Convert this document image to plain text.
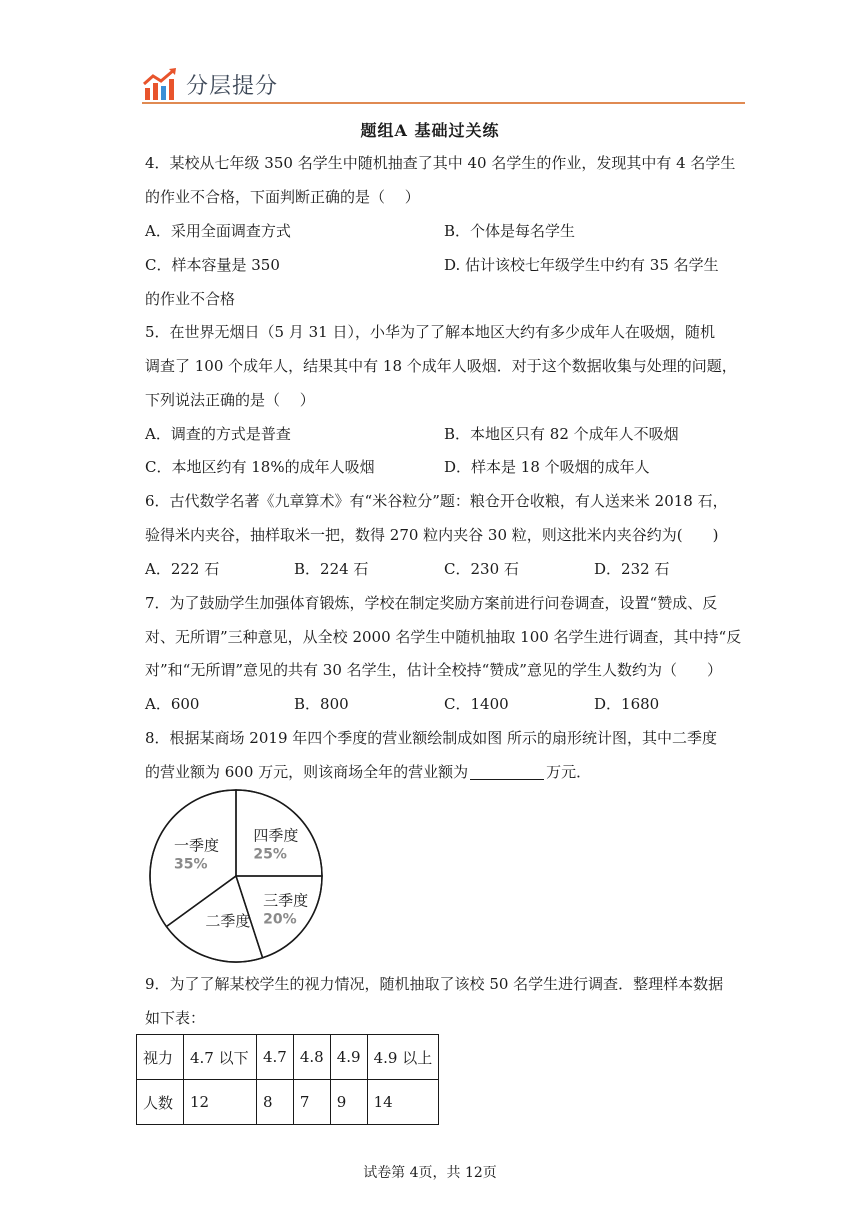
分层提分
题组A 基础过关练
4．某校从七年级 350 名学生中随机抽查了其中 40 名学生的作业，发现其中有 4 名学生
的作业不合格，下面判断正确的是（　 ）
A．采用全面调查方式	B．个体是每名学生
C．样本容量是 350	D. 估计该校七年级学生中约有 35 名学生
的作业不合格
5．在世界无烟日（5 月 31 日），小华为了了解本地区大约有多少成年人在吸烟，随机
调查了 100 个成年人，结果其中有 18 个成年人吸烟．对于这个数据收集与处理的问题，
下列说法正确的是（　 ）
A．调查的方式是普查	B．本地区只有 82 个成年人不吸烟
C．本地区约有 18%的成年人吸烟	D．样本是 18 个吸烟的成年人
6．古代数学名著《九章算术》有“米谷粒分”题：粮仓开仓收粮，有人送来米 2018 石，
验得米内夹谷，抽样取米一把，数得 270 粒内夹谷 30 粒，则这批米内夹谷约为(　　)
A．222 石	B．224 石	C．230 石	D．232 石
7．为了鼓励学生加强体育锻炼，学校在制定奖励方案前进行问卷调查，设置“赞成、反
对、无所谓”三种意见，从全校 2000 名学生中随机抽取 100 名学生进行调查，其中持“反
对”和“无所谓”意见的共有 30 名学生，估计全校持“赞成”意见的学生人数约为（　　）
A．600	B．800	C．1400	D．1680
8．根据某商场 2019 年四个季度的营业额绘制成如图 所示的扇形统计图，其中二季度
的营业额为 600 万元，则该商场全年的营业额为	万元．
四季度
25%
三季度
20%
二季度
一季度
35%
9．为了了解某校学生的视力情况，随机抽取了该校 50 名学生进行调查．整理样本数据
如下表：
视力	4.7 以下	4.7	4.8	4.9	4.9 以上
人数	12	8	7	9	14
试卷第 4页，共 12页
